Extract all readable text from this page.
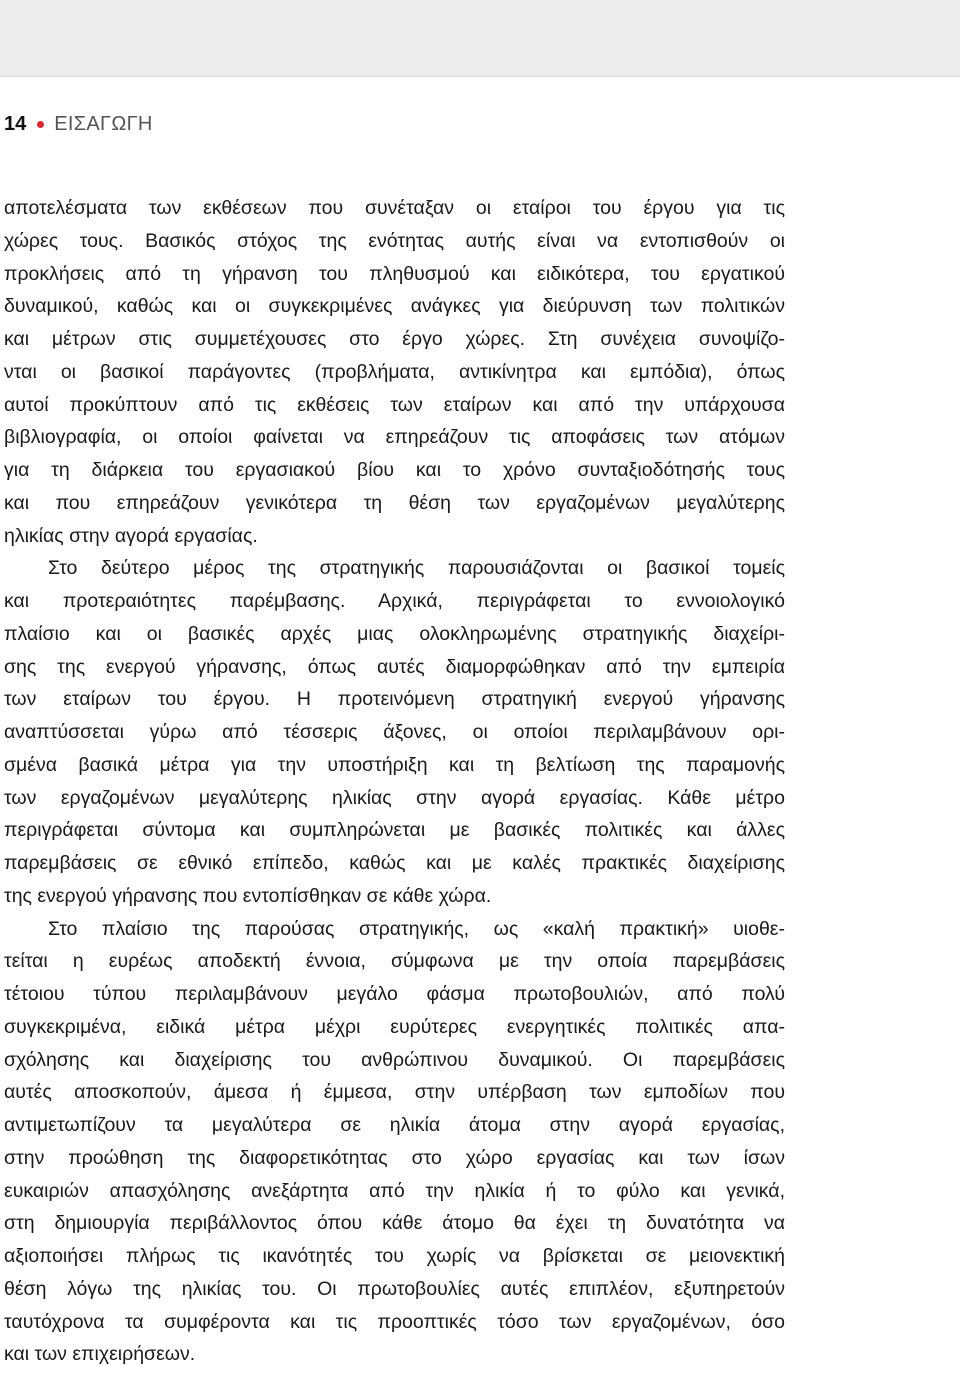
14 ΕΙΣΑΓΩΓΗ
αποτελέσματα των εκθέσεων που συνέταξαν οι εταίροι του έργου για τις
χώρες τους. Βασικός στόχος της ενότητας αυτής είναι να εντοπισθούν οι
προκλήσεις από τη γήρανση του πληθυσμού και ειδικότερα, του εργατικού
δυναμικού, καθώς και οι συγκεκριμένες ανάγκες για διεύρυνση των πολιτικών
και μέτρων στις συμμετέχουσες στο έργο χώρες. Στη συνέχεια συνοψίζο-
νται οι βασικοί παράγοντες (προβλήματα, αντικίνητρα και εμπόδια), όπως
αυτοί προκύπτουν από τις εκθέσεις των εταίρων και από την υπάρχουσα
βιβλιογραφία, οι οποίοι φαίνεται να επηρεάζουν τις αποφάσεις των ατόμων
για τη διάρκεια του εργασιακού βίου και το χρόνο συνταξιοδότησής τους
και που επηρεάζουν γενικότερα τη θέση των εργαζομένων μεγαλύτερης
ηλικίας στην αγορά εργασίας.
Στο δεύτερο μέρος της στρατηγικής παρουσιάζονται οι βασικοί τομείς
και προτεραιότητες παρέμβασης. Αρχικά, περιγράφεται το εννοιολογικό
πλαίσιο και οι βασικές αρχές μιας ολοκληρωμένης στρατηγικής διαχείρι-
σης της ενεργού γήρανσης, όπως αυτές διαμορφώθηκαν από την εμπειρία
των εταίρων του έργου. Η προτεινόμενη στρατηγική ενεργού γήρανσης
αναπτύσσεται γύρω από τέσσερις άξονες, οι οποίοι περιλαμβάνουν ορι-
σμένα βασικά μέτρα για την υποστήριξη και τη βελτίωση της παραμονής
των εργαζομένων μεγαλύτερης ηλικίας στην αγορά εργασίας. Κάθε μέτρο
περιγράφεται σύντομα και συμπληρώνεται με βασικές πολιτικές και άλλες
παρεμβάσεις σε εθνικό επίπεδο, καθώς και με καλές πρακτικές διαχείρισης
της ενεργού γήρανσης που εντοπίσθηκαν σε κάθε χώρα.
Στο πλαίσιο της παρούσας στρατηγικής, ως «καλή πρακτική» υιοθε-
τείται η ευρέως αποδεκτή έννοια, σύμφωνα με την οποία παρεμβάσεις
τέτοιου τύπου περιλαμβάνουν μεγάλο φάσμα πρωτοβουλιών, από πολύ
συγκεκριμένα, ειδικά μέτρα μέχρι ευρύτερες ενεργητικές πολιτικές απα-
σχόλησης και διαχείρισης του ανθρώπινου δυναμικού. Οι παρεμβάσεις
αυτές αποσκοπούν, άμεσα ή έμμεσα, στην υπέρβαση των εμποδίων που
αντιμετωπίζουν τα μεγαλύτερα σε ηλικία άτομα στην αγορά εργασίας,
στην προώθηση της διαφορετικότητας στο χώρο εργασίας και των ίσων
ευκαιριών απασχόλησης ανεξάρτητα από την ηλικία ή το φύλο και γενικά,
στη δημιουργία περιβάλλοντος όπου κάθε άτομο θα έχει τη δυνατότητα να
αξιοποιήσει πλήρως τις ικανότητές του χωρίς να βρίσκεται σε μειονεκτική
θέση λόγω της ηλικίας του. Οι πρωτοβουλίες αυτές επιπλέον, εξυπηρετούν
ταυτόχρονα τα συμφέροντα και τις προοπτικές τόσο των εργαζομένων, όσο
και των επιχειρήσεων.
